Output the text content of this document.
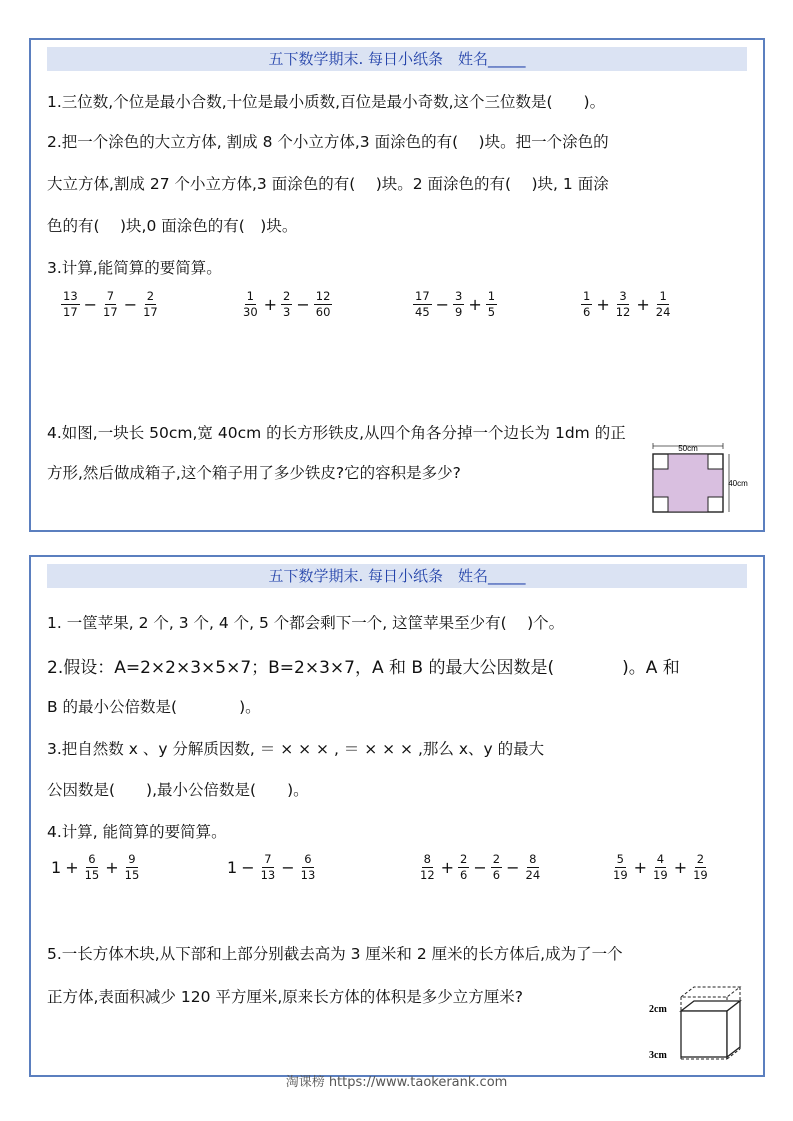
五下数学期末. 每日小纸条　姓名_____
1.三位数,个位是最小合数,十位是最小质数,百位是最小奇数,这个三位数是(　　)。
2.把一个涂色的大立方体, 割成 8 个小立方体,3 面涂色的有(　 )块。把一个涂色的
大立方体,割成 27 个小立方体,3 面涂色的有(　 )块。2 面涂色的有(　 )块, 1 面涂
色的有(　 )块,0 面涂色的有(　)块。
3.计算,能简算的要简算。
$\frac{13}{17} - \frac{7}{17} - \frac{2}{17}$	$\frac{1}{30} + \frac{2}{3} - \frac{12}{60}$	$\frac{17}{45} - \frac{3}{9} + \frac{1}{5}$	$\frac{1}{6} + \frac{3}{12} + \frac{1}{24}$
4.如图,一块长 50cm,宽 40cm 的长方形铁皮,从四个角各分掉一个边长为 1dm 的正
方形,然后做成箱子,这个箱子用了多少铁皮?它的容积是多少?
50cm
40cm
五下数学期末. 每日小纸条　姓名_____
1. 一筐苹果, 2 个, 3 个, 4 个, 5 个都会剩下一个, 这筐苹果至少有(　 )个。
2.假设：A=2×2×3×5×7；B=2×3×7，A 和 B 的最大公因数是(　　　　)。A 和
B 的最小公倍数是(　　　　)。
3.把自然数 x 、y 分解质因数, ＝ × × × , ＝ × × × ,那么 x、y 的最大
公因数是(　　),最小公倍数是(　　)。
4.计算, 能简算的要简算。
$1 + \frac{6}{15} + \frac{9}{15}$	$1 - \frac{7}{13} - \frac{6}{13}$	$\frac{8}{12} + \frac{2}{6} - \frac{2}{6} - \frac{8}{24}$	$\frac{5}{19} + \frac{4}{19} + \frac{2}{19}$
5.一长方体木块,从下部和上部分别截去高为 3 厘米和 2 厘米的长方体后,成为了一个
正方体,表面积减少 120 平方厘米,原来长方体的体积是多少立方厘米?
2cm
3cm
淘课榜 https://www.taokerank.com
